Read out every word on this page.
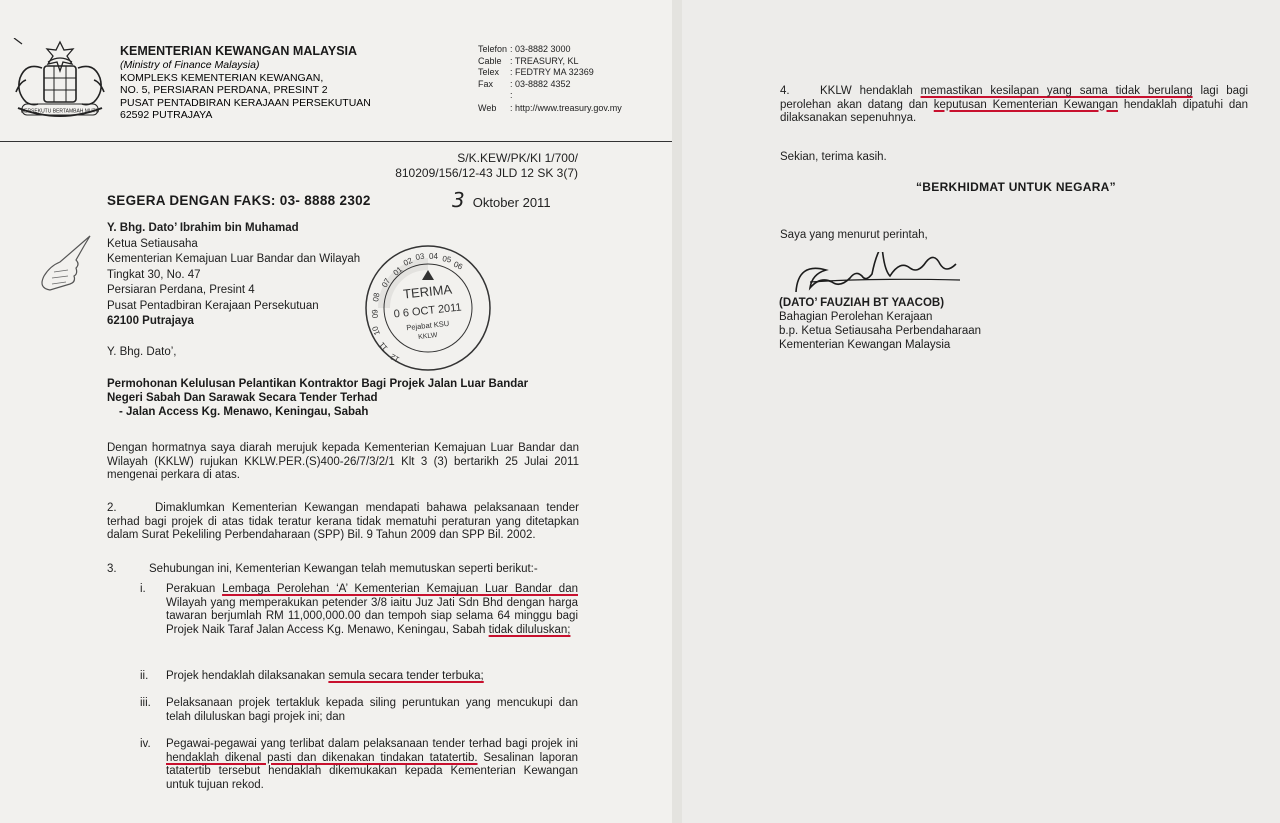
BERSEKUTU BERTAMBAH MUTU
KEMENTERIAN KEWANGAN MALAYSIA
(Ministry of Finance Malaysia)
KOMPLEKS KEMENTERIAN KEWANGAN,
NO. 5, PERSIARAN PERDANA, PRESINT 2
PUSAT PENTADBIRAN KERAJAAN PERSEKUTUAN
62592 PUTRAJAYA
Telefon : 03-8882 3000
Cable : TREASURY, KL
Telex : FEDTRY MA 32369
Fax : 03-8882 4352
:
Web : http://www.treasury.gov.my
S/K.KEW/PK/KI 1/700/
810209/156/12-43 JLD 12 SK 3(7)
SEGERA DENGAN FAKS: 03- 8888 2302	3 Oktober 2011
Y. Bhg. Dato’ Ibrahim bin Muhamad
Ketua Setiausaha
Kementerian Kemajuan Luar Bandar dan Wilayah
Tingkat 30, No. 47
Persiaran Perdana, Presint 4
Pusat Pentadbiran Kerajaan Persekutuan
62100 Putrajaya
01
02 03 04 05
06
07
08
09
10
11
12
TERIMA
0 6 OCT 2011
Pejabat KSU
KKLW
Y. Bhg. Dato’,
Permohonan Kelulusan Pelantikan Kontraktor Bagi Projek Jalan Luar Bandar
Negeri Sabah Dan Sarawak Secara Tender Terhad
- Jalan Access Kg. Menawo, Keningau, Sabah
Dengan hormatnya saya diarah merujuk kepada Kementerian Kemajuan Luar Bandar dan Wilayah (KKLW) rujukan KKLW.PER.(S)400-26/7/3/2/1 Klt 3 (3) bertarikh 25 Julai 2011 mengenai perkara di atas.
2.	Dimaklumkan Kementerian Kewangan mendapati bahawa pelaksanaan tender terhad bagi projek di atas tidak teratur kerana tidak mematuhi peraturan yang ditetapkan dalam Surat Pekeliling Perbendaharaan (SPP) Bil. 9 Tahun 2009 dan SPP Bil. 2002.
3.	Sehubungan ini, Kementerian Kewangan telah memutuskan seperti berikut:-
i. Perakuan Lembaga Perolehan ‘A’ Kementerian Kemajuan Luar Bandar dan Wilayah yang memperakukan petender 3/8 iaitu Juz Jati Sdn Bhd dengan harga tawaran berjumlah RM 11,000,000.00 dan tempoh siap selama 64 minggu bagi Projek Naik Taraf Jalan Access Kg. Menawo, Keningau, Sabah tidak diluluskan;
ii. Projek hendaklah dilaksanakan semula secara tender terbuka;
iii. Pelaksanaan projek tertakluk kepada siling peruntukan yang mencukupi dan telah diluluskan bagi projek ini; dan
iv. Pegawai-pegawai yang terlibat dalam pelaksanaan tender terhad bagi projek ini hendaklah dikenal pasti dan dikenakan tindakan tatatertib. Sesalinan laporan tatatertib tersebut hendaklah dikemukakan kepada Kementerian Kewangan untuk tujuan rekod.
4.	KKLW hendaklah memastikan kesilapan yang sama tidak berulang lagi bagi perolehan akan datang dan keputusan Kementerian Kewangan hendaklah dipatuhi dan dilaksanakan sepenuhnya.
Sekian, terima kasih.
“BERKHIDMAT UNTUK NEGARA”
Saya yang menurut perintah,
(DATO’ FAUZIAH BT YAACOB)
Bahagian Perolehan Kerajaan
b.p. Ketua Setiausaha Perbendaharaan
Kementerian Kewangan Malaysia
